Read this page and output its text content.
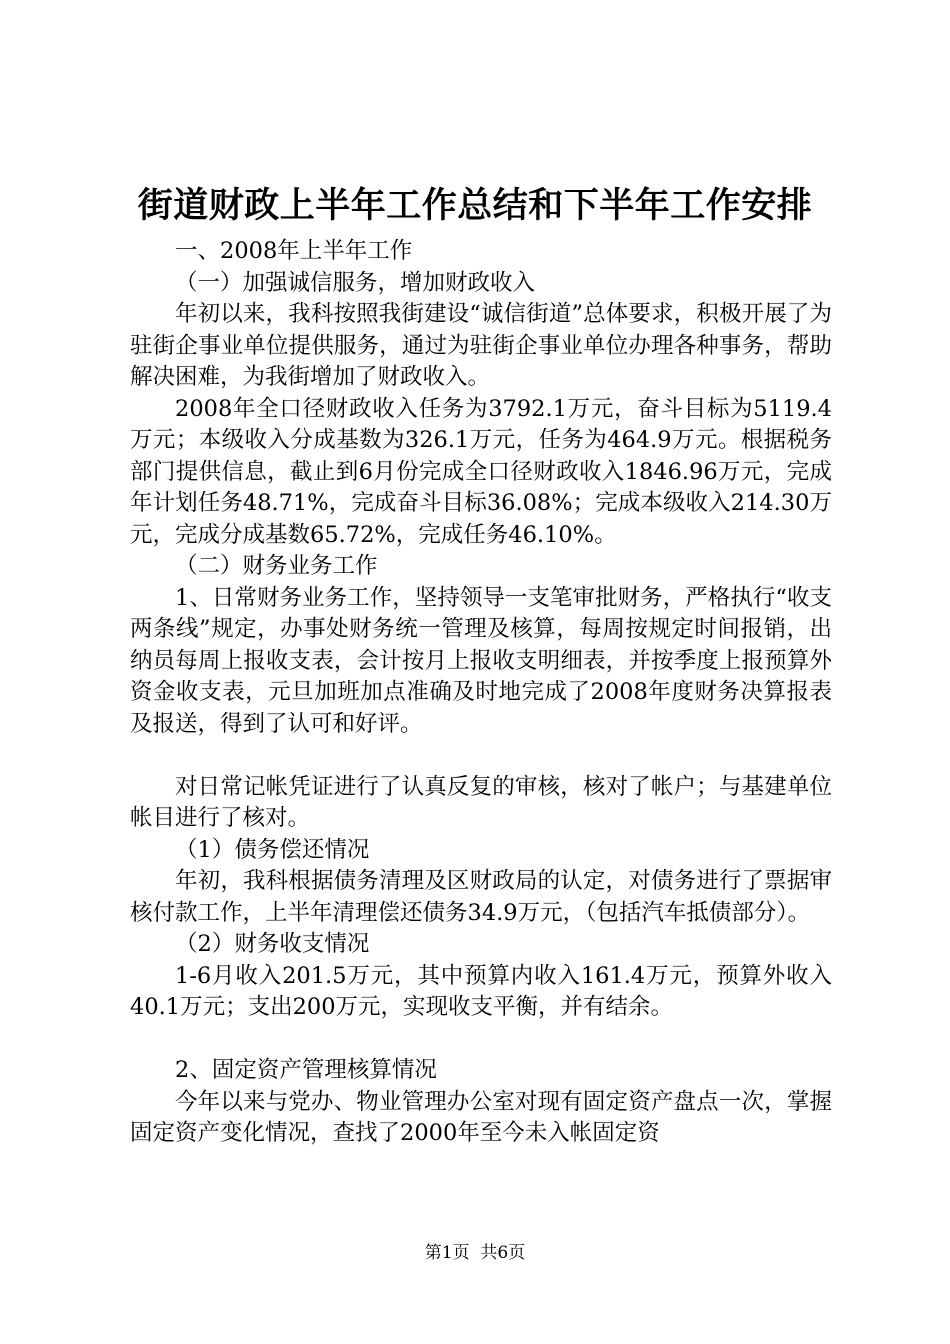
街道财政上半年工作总结和下半年工作安排

一、2008年上半年工作

（一）加强诚信服务，增加财政收入

年初以来，我科按照我街建设“诚信街道”总体要求，积极开展了为驻街企事业单位提供服务，通过为驻街企事业单位办理各种事务，帮助解决困难，为我街增加了财政收入。

2008年全口径财政收入任务为3792.1万元，奋斗目标为5119.4万元；本级收入分成基数为326.1万元，任务为464.9万元。根据税务部门提供信息，截止到6月份完成全口径财政收入1846.96万元，完成年计划任务48.71%，完成奋斗目标36.08%；完成本级收入214.30万元，完成分成基数65.72%，完成任务46.10%。

（二）财务业务工作

1、日常财务业务工作，坚持领导一支笔审批财务，严格执行“收支两条线”规定，办事处财务统一管理及核算，每周按规定时间报销，出纳员每周上报收支表，会计按月上报收支明细表，并按季度上报预算外资金收支表，元旦加班加点准确及时地完成了2008年度财务决算报表及报送，得到了认可和好评。

对日常记帐凭证进行了认真反复的审核，核对了帐户；与基建单位帐目进行了核对。

（1）债务偿还情况

年初，我科根据债务清理及区财政局的认定，对债务进行了票据审核付款工作，上半年清理偿还债务34.9万元，（包括汽车抵债部分）。

（2）财务收支情况

1-6月收入201.5万元，其中预算内收入161.4万元，预算外收入40.1万元；支出200万元，实现收支平衡，并有结余。

2、固定资产管理核算情况

今年以来与党办、物业管理办公室对现有固定资产盘点一次，掌握固定资产变化情况，查找了2000年至今未入帐固定资

第1页  共6页
